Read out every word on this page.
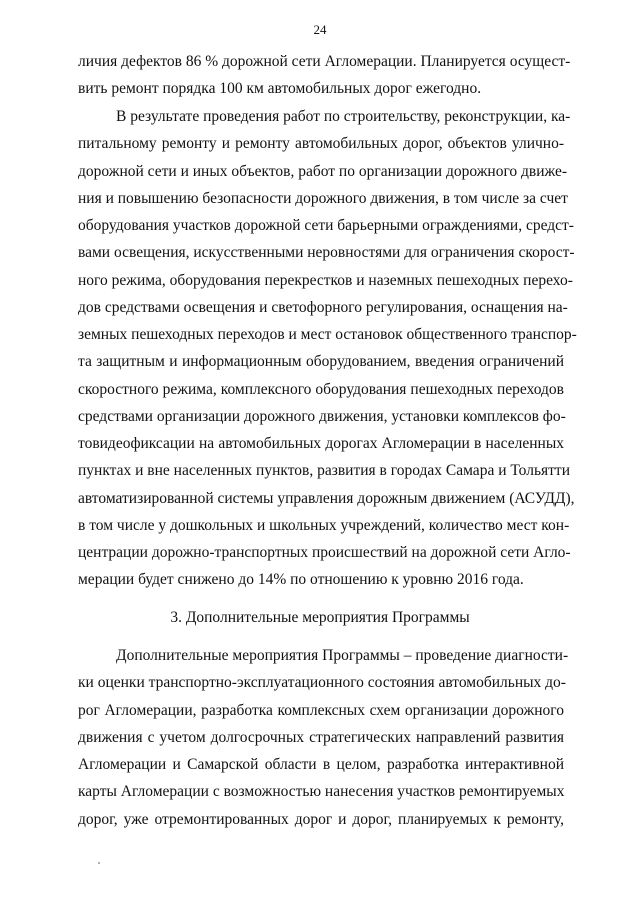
24
личия дефектов 86 % дорожной сети Агломерации. Планируется осущест-
вить ремонт порядка 100 км автомобильных дорог ежегодно.
В результате проведения работ по строительству, реконструкции, ка-
питальному ремонту и ремонту автомобильных дорог, объектов улично-
дорожной сети и иных объектов, работ по организации дорожного движе-
ния и повышению безопасности дорожного движения, в том числе за счет
оборудования участков дорожной сети барьерными ограждениями, средст-
вами освещения, искусственными неровностями для ограничения скорост-
ного режима, оборудования перекрестков и наземных пешеходных перехо-
дов средствами освещения и светофорного регулирования, оснащения на-
земных пешеходных переходов и мест остановок общественного транспор-
та защитным и информационным оборудованием, введения ограничений
скоростного режима, комплексного оборудования пешеходных переходов
средствами организации дорожного движения, установки комплексов фо-
товидеофиксации на автомобильных дорогах Агломерации в населенных
пунктах и вне населенных пунктов, развития в городах Самара и Тольятти
автоматизированной системы управления дорожным движением (АСУДД),
в том числе у дошкольных и школьных учреждений, количество мест кон-
центрации дорожно-транспортных происшествий на дорожной сети Агло-
мерации будет снижено до 14% по отношению к уровню 2016 года.
3. Дополнительные мероприятия Программы
Дополнительные мероприятия Программы – проведение диагности-
ки оценки транспортно-эксплуатационного состояния автомобильных до-
рог Агломерации, разработка комплексных схем организации дорожного
движения с учетом долгосрочных стратегических направлений развития
Агломерации и Самарской области в целом, разработка интерактивной
карты Агломерации с возможностью нанесения участков ремонтируемых
дорог, уже отремонтированных дорог и дорог, планируемых к ремонту,
